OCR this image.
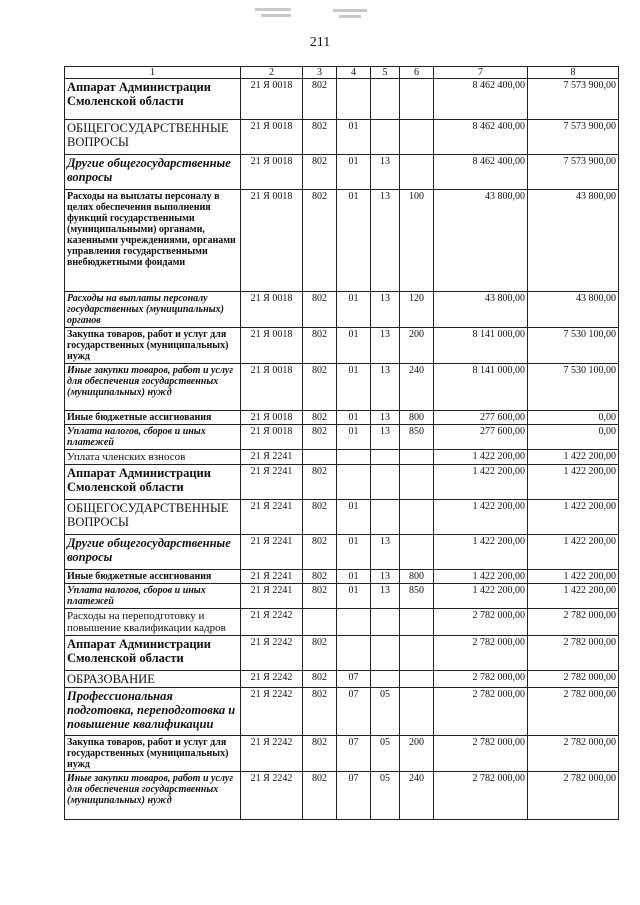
211
1	2	3	4	5	6	7	8
Аппарат Администрации Смоленской области	21 Я 0018	802				8 462 400,00	7 573 900,00
ОБЩЕГОСУДАРСТВЕННЫЕ ВОПРОСЫ	21 Я 0018	802	01			8 462 400,00	7 573 900,00
Другие общегосударственные вопросы	21 Я 0018	802	01	13		8 462 400,00	7 573 900,00
Расходы на выплаты персоналу в целях обеспечения выполнения функций государственными (муниципальными) органами, казенными учреждениями, органами управления государственными внебюджетными фондами	21 Я 0018	802	01	13	100	43 800,00	43 800,00
Расходы на выплаты персоналу государственных (муниципальных) органов	21 Я 0018	802	01	13	120	43 800,00	43 800,00
Закупка товаров, работ и услуг для государственных (муниципальных) нужд	21 Я 0018	802	01	13	200	8 141 000,00	7 530 100,00
Иные закупки товаров, работ и услуг для обеспечения государственных (муниципальных) нужд	21 Я 0018	802	01	13	240	8 141 000,00	7 530 100,00
Иные бюджетные ассигнования	21 Я 0018	802	01	13	800	277 600,00	0,00
Уплата налогов, сборов и иных платежей	21 Я 0018	802	01	13	850	277 600,00	0,00
Уплата членских взносов	21 Я 2241					1 422 200,00	1 422 200,00
Аппарат Администрации Смоленской области	21 Я 2241	802				1 422 200,00	1 422 200,00
ОБЩЕГОСУДАРСТВЕННЫЕ ВОПРОСЫ	21 Я 2241	802	01			1 422 200,00	1 422 200,00
Другие общегосударственные вопросы	21 Я 2241	802	01	13		1 422 200,00	1 422 200,00
Иные бюджетные ассигнования	21 Я 2241	802	01	13	800	1 422 200,00	1 422 200,00
Уплата налогов, сборов и иных платежей	21 Я 2241	802	01	13	850	1 422 200,00	1 422 200,00
Расходы на переподготовку и повышение квалификации кадров	21 Я 2242					2 782 000,00	2 782 000,00
Аппарат Администрации Смоленской области	21 Я 2242	802				2 782 000,00	2 782 000,00
ОБРАЗОВАНИЕ	21 Я 2242	802	07			2 782 000,00	2 782 000,00
Профессиональная подготовка, переподготовка и повышение квалификации	21 Я 2242	802	07	05		2 782 000,00	2 782 000,00
Закупка товаров, работ и услуг для государственных (муниципальных) нужд	21 Я 2242	802	07	05	200	2 782 000,00	2 782 000,00
Иные закупки товаров, работ и услуг для обеспечения государственных (муниципальных) нужд	21 Я 2242	802	07	05	240	2 782 000,00	2 782 000,00
